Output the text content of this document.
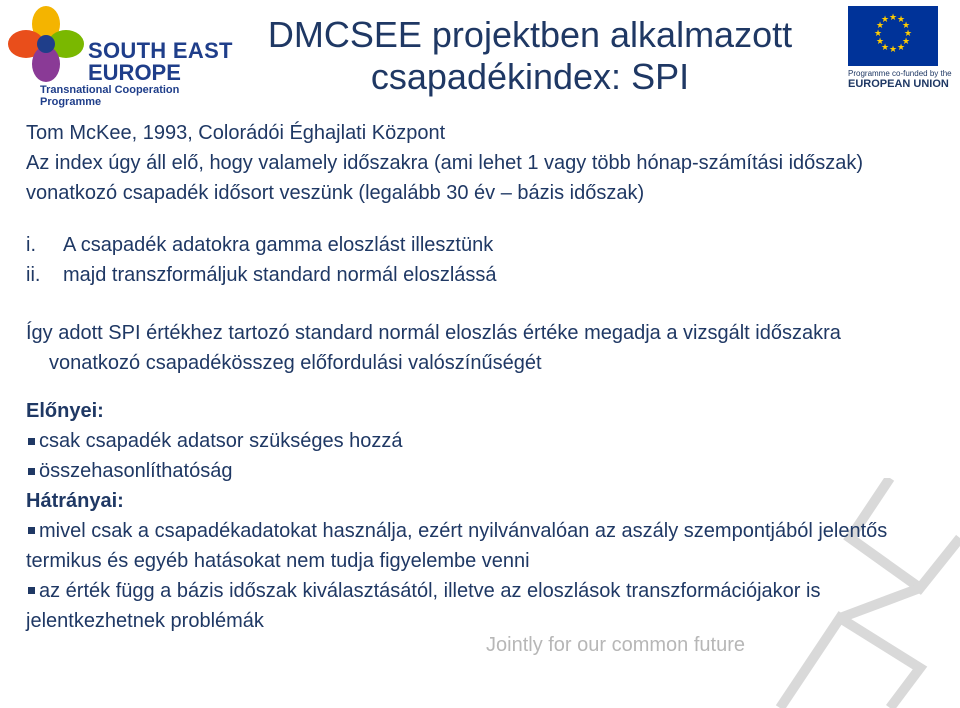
SOUTH EAST
EUROPE
Transnational Cooperation Programme
DMCSEE projektben alkalmazott
csapadékindex: SPI
★ ★
★
★
★
★
★
★
★
★
★
★
Programme co-funded by the
EUROPEAN UNION

Tom McKee, 1993, Colorádói Éghajlati Központ

Az index úgy áll elő, hogy valamely időszakra (ami lehet 1 vagy több hónap-számítási időszak) vonatkozó csapadék idősort veszünk (legalább 30 év – bázis időszak)

i. A csapadék adatokra gamma eloszlást illesztünk
ii. majd transzformáljuk standard normál eloszlássá

Így adott SPI értékhez tartozó standard normál eloszlás értéke megadja a vizsgált időszakra vonatkozó csapadékösszeg előfordulási valószínűségét

Előnyei:

csak csapadék adatsor szükséges hozzá
összehasonlíthatóság

Hátrányai:

mivel csak a csapadékadatokat használja, ezért nyilvánvalóan az aszály szempontjából jelentős termikus és egyéb hatásokat nem tudja figyelembe venni
az érték függ a bázis időszak kiválasztásától, illetve az eloszlások transzformációjakor is jelentkezhetnek problémák
Jointly for our common future
